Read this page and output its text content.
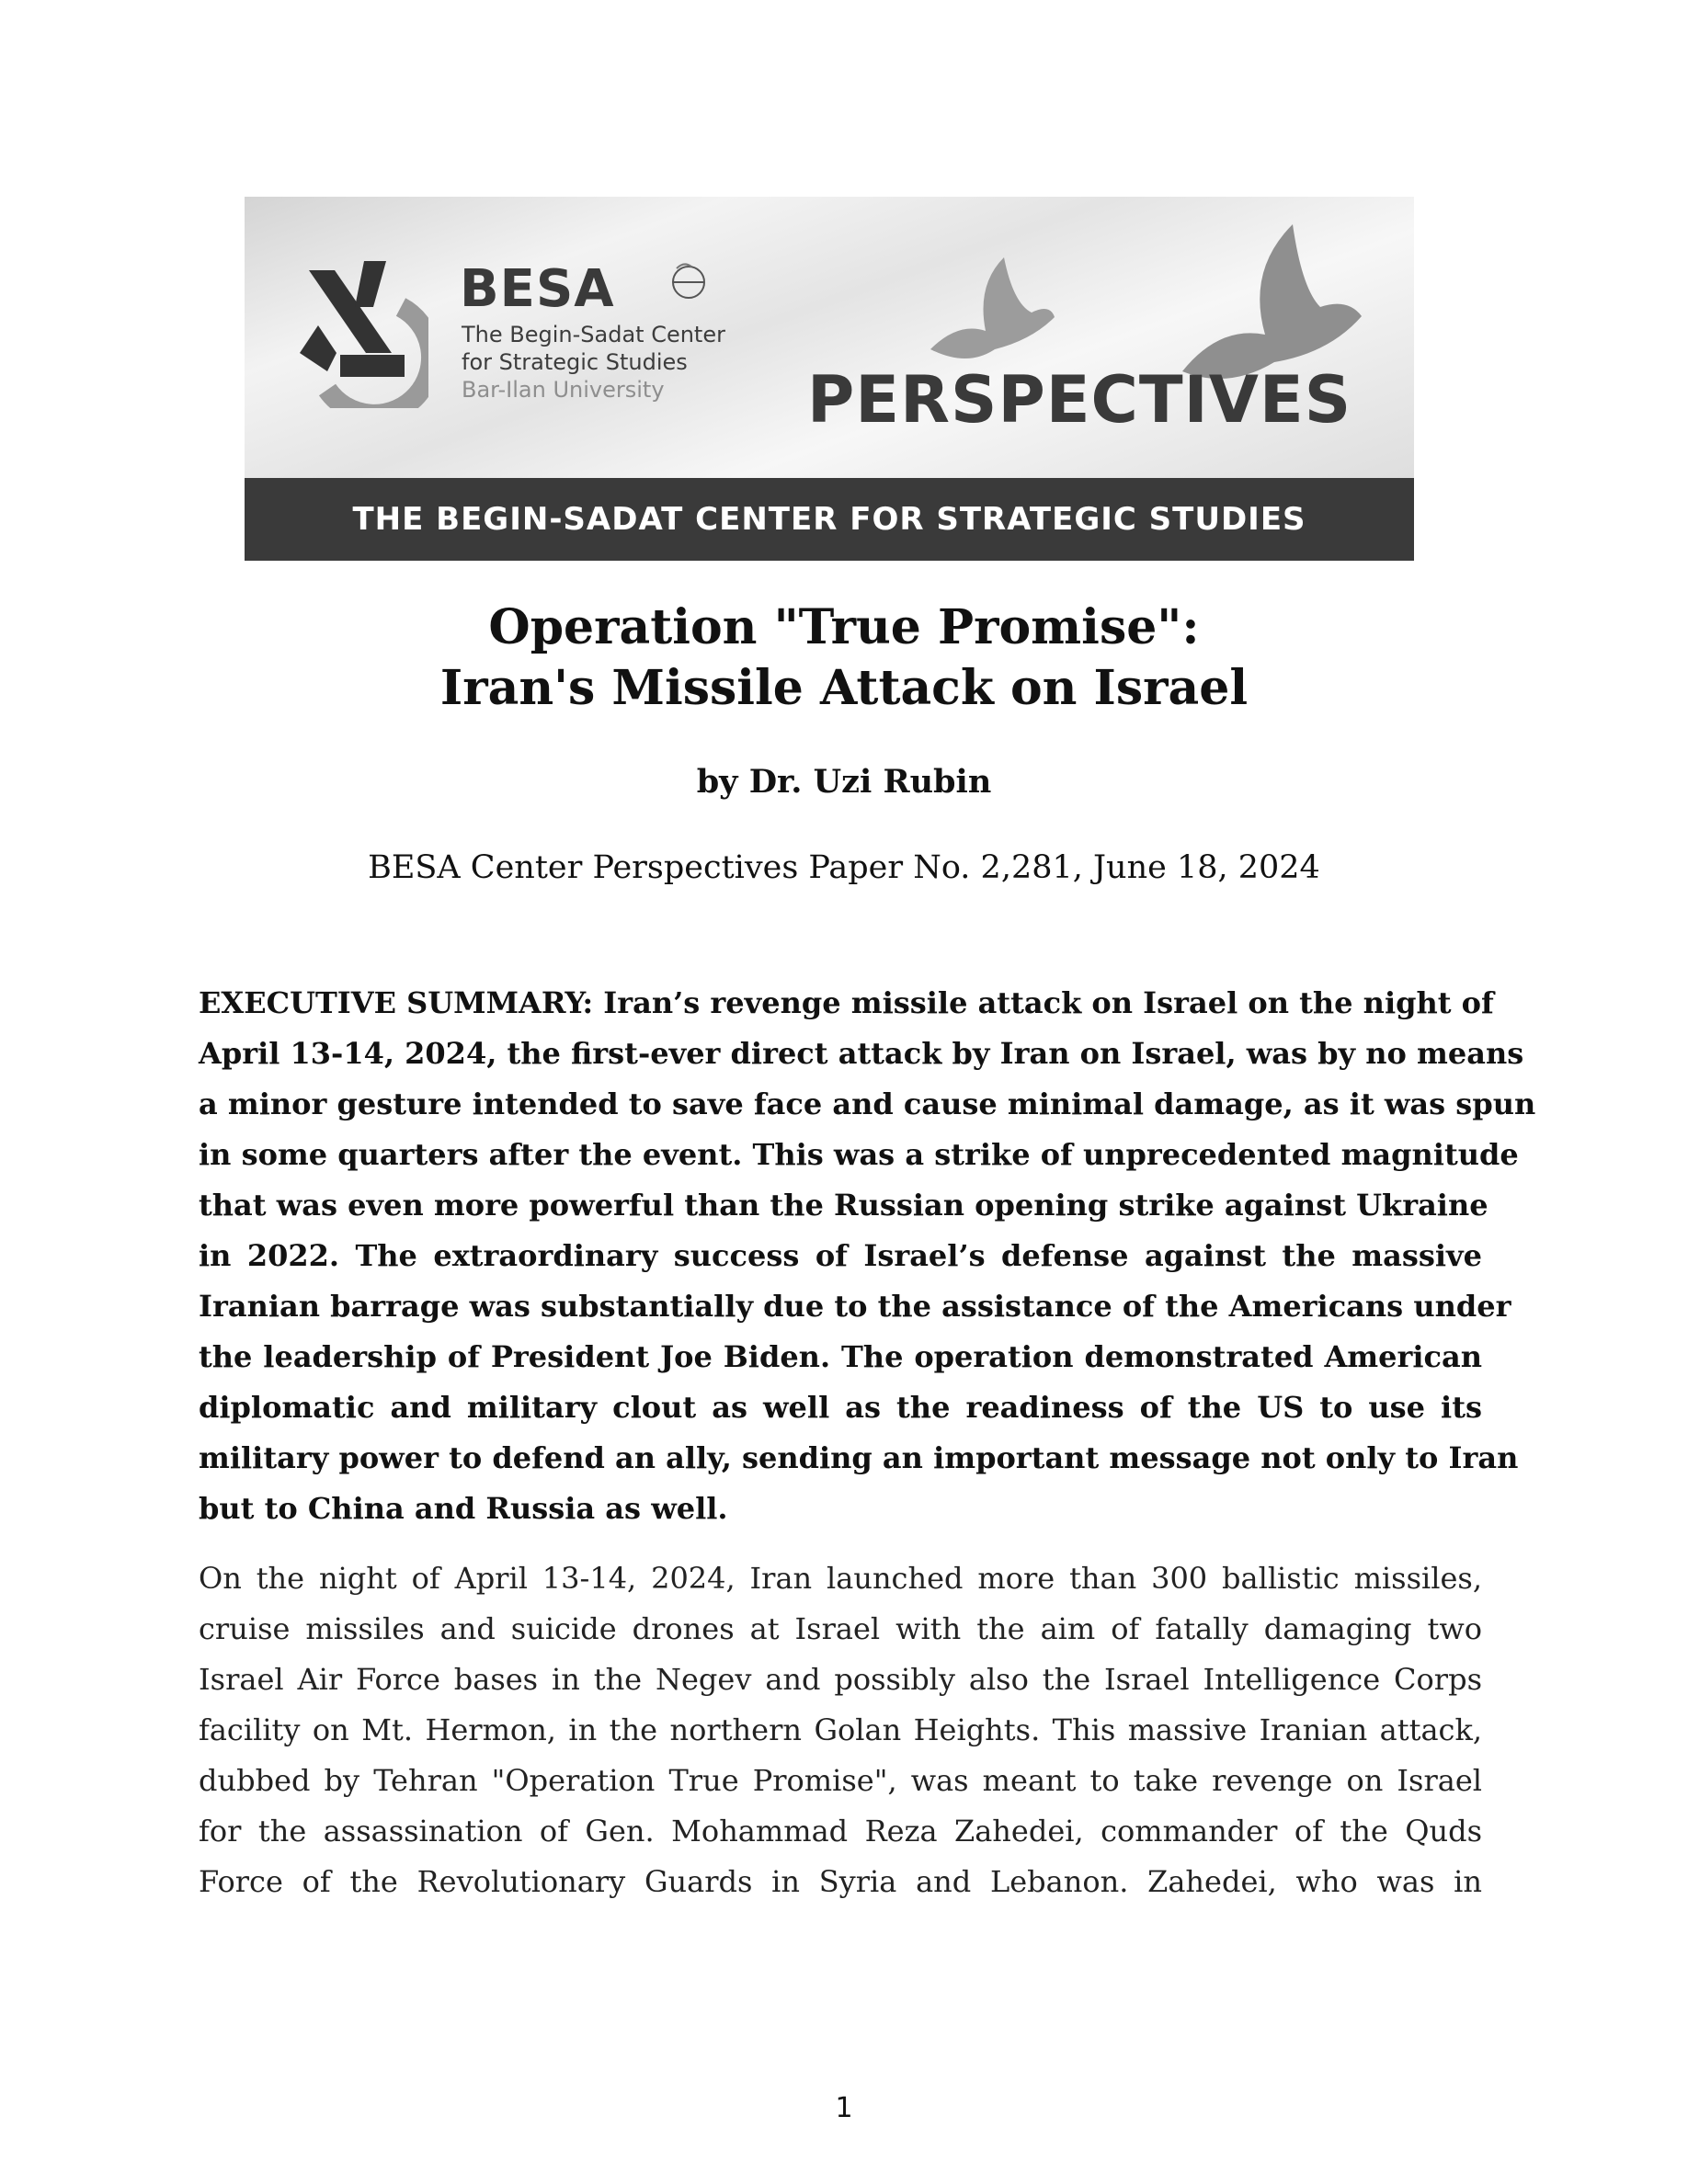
BESA
The Begin-Sadat Center
for Strategic Studies
Bar-Ilan University PERSPECTIVES
THE BEGIN-SADAT CENTER FOR STRATEGIC STUDIES
Operation "True Promise":
Iran's Missile Attack on Israel
by Dr. Uzi Rubin
BESA Center Perspectives Paper No. 2,281, June 18, 2024
EXECUTIVE SUMMARY: Iran’s revenge missile attack on Israel on the night of
April 13-14, 2024, the first-ever direct attack by Iran on Israel, was by no means
a minor gesture intended to save face and cause minimal damage, as it was spun
in some quarters after the event. This was a strike of unprecedented magnitude
that was even more powerful than the Russian opening strike against Ukraine
in 2022. The extraordinary success of Israel’s defense against the massive
Iranian barrage was substantially due to the assistance of the Americans under
the leadership of President Joe Biden. The operation demonstrated American
diplomatic and military clout as well as the readiness of the US to use its
military power to defend an ally, sending an important message not only to Iran
but to China and Russia as well.
On the night of April 13-14, 2024, Iran launched more than 300 ballistic missiles,
cruise missiles and suicide drones at Israel with the aim of fatally damaging two
Israel Air Force bases in the Negev and possibly also the Israel Intelligence Corps
facility on Mt. Hermon, in the northern Golan Heights. This massive Iranian attack,
dubbed by Tehran "Operation True Promise", was meant to take revenge on Israel
for the assassination of Gen. Mohammad Reza Zahedei, commander of the Quds
Force of the Revolutionary Guards in Syria and Lebanon. Zahedei, who was in
1
